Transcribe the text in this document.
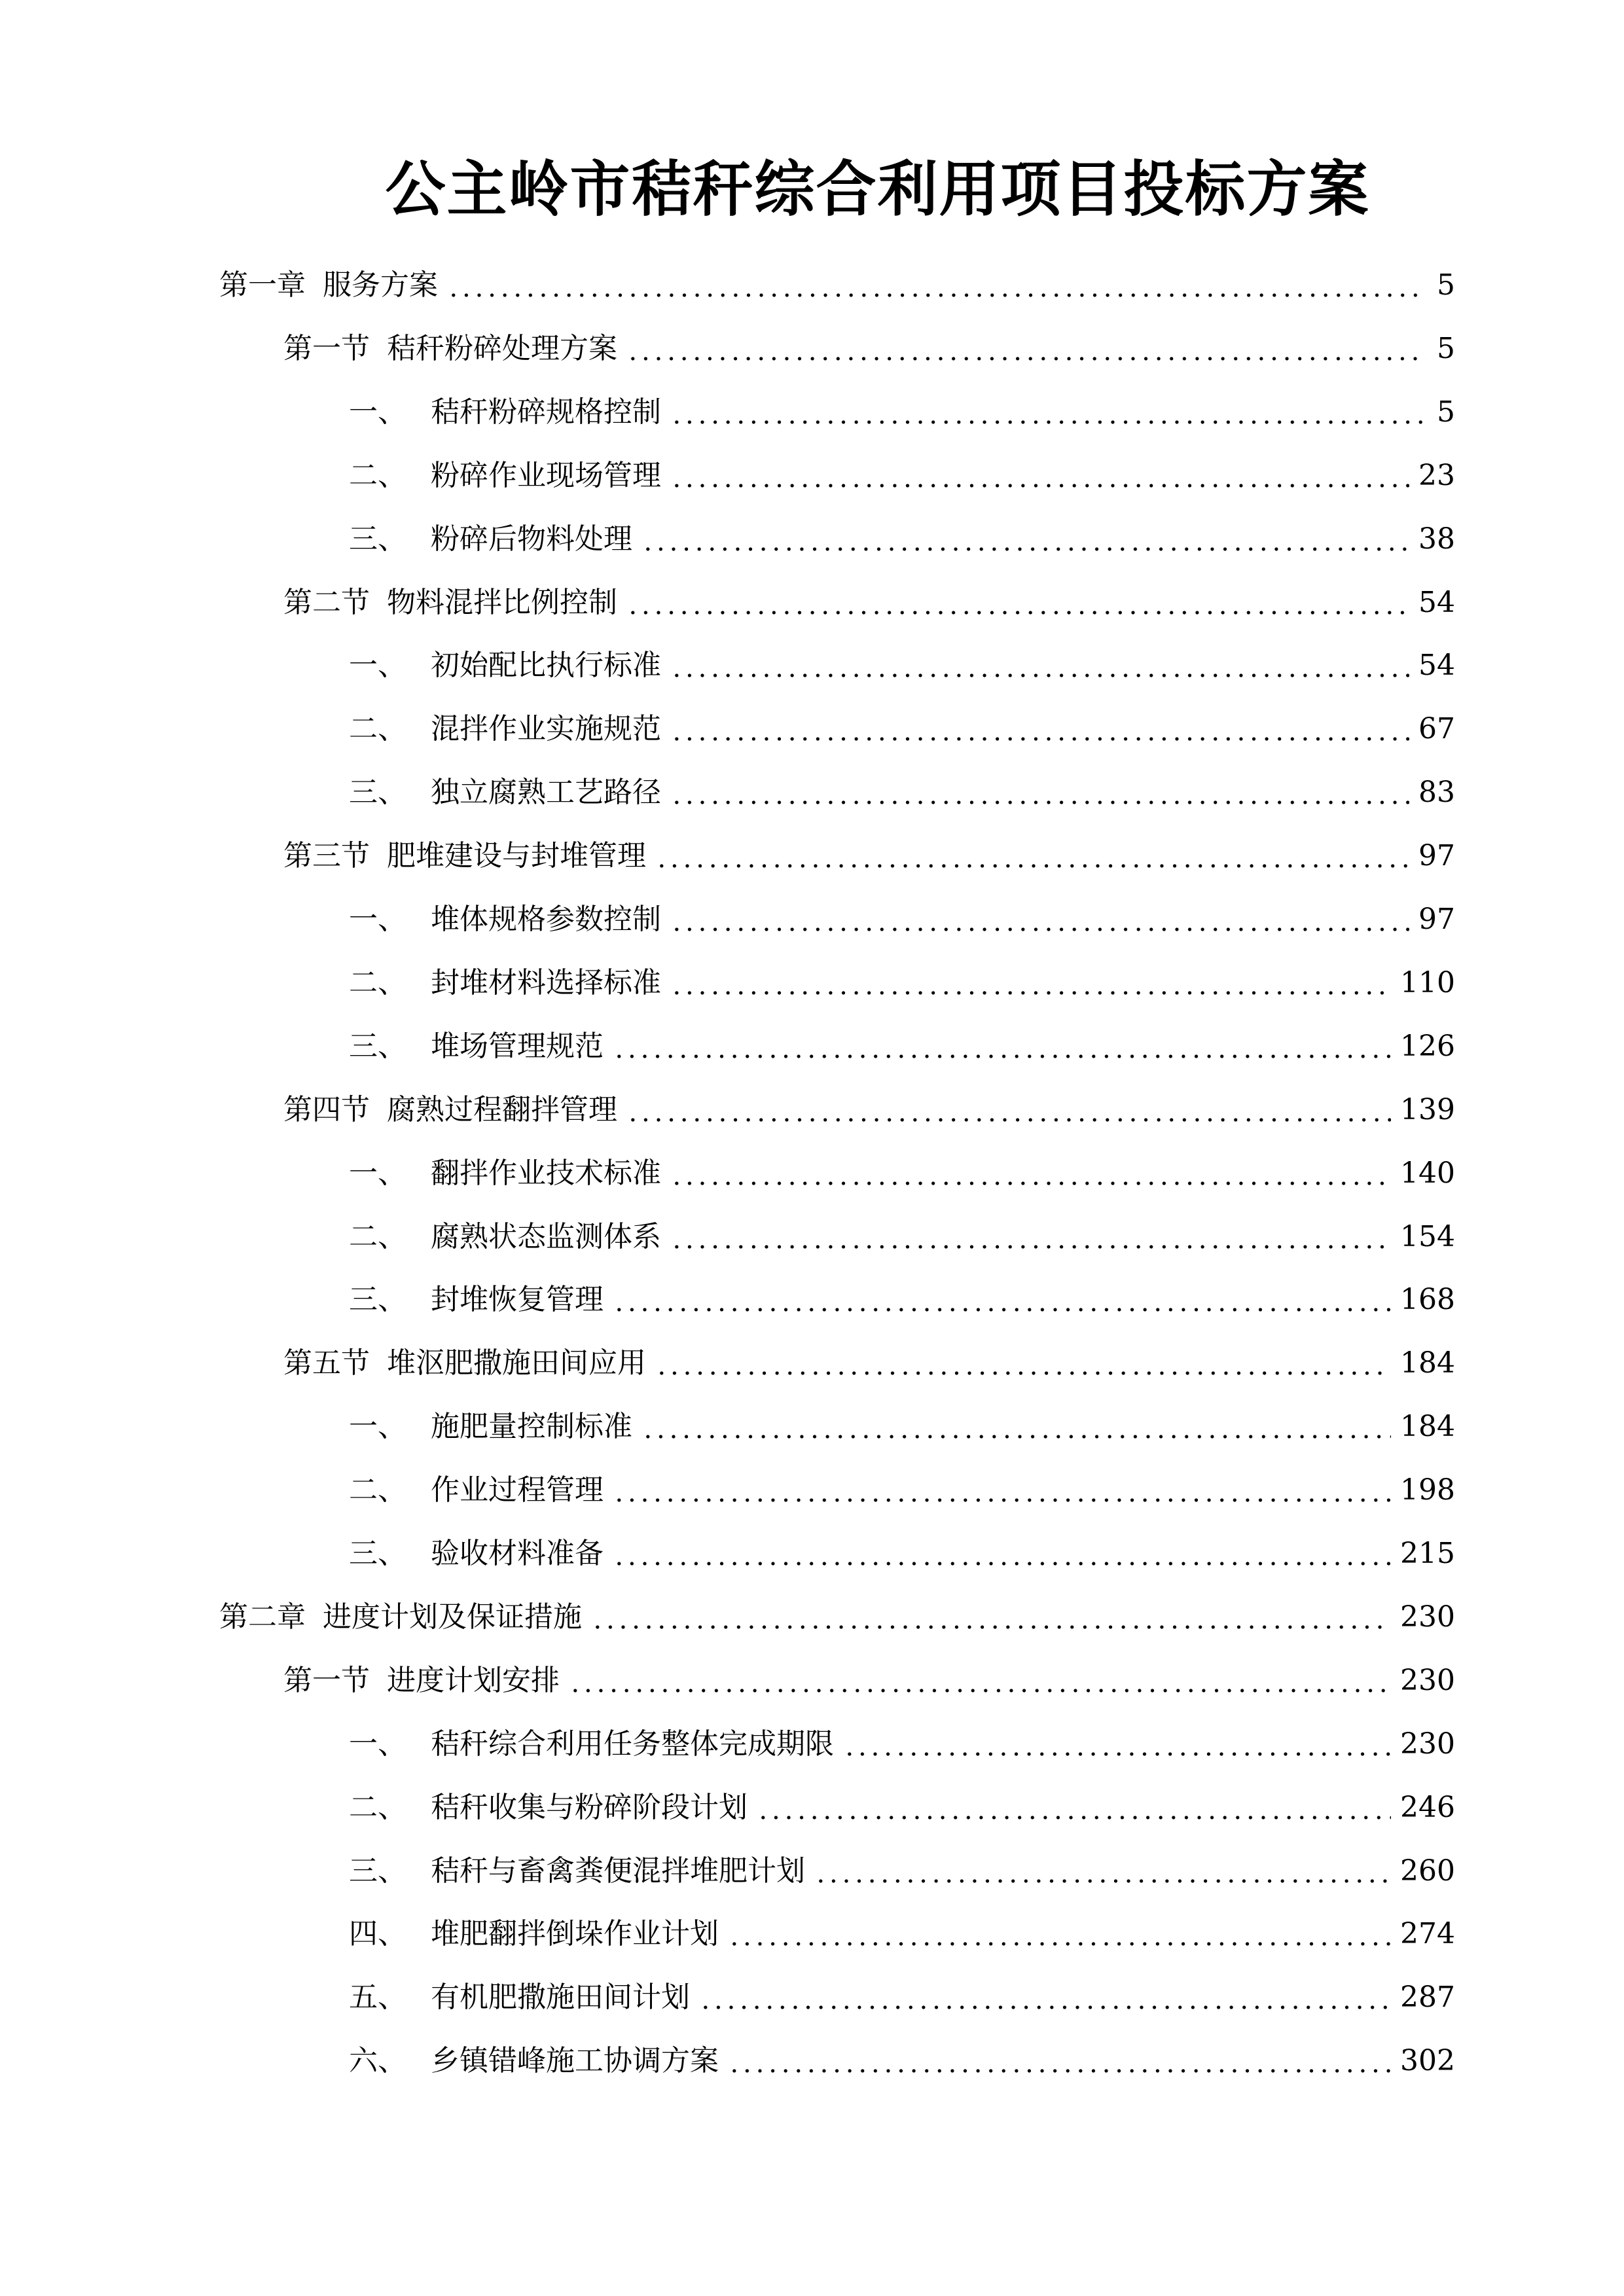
公主岭市秸秆综合利用项目投标方案
第一章 服务方案	5
第一节 秸秆粉碎处理方案	5
一、 秸秆粉碎规格控制	5
二、 粉碎作业现场管理	23
三、 粉碎后物料处理	38
第二节 物料混拌比例控制	54
一、 初始配比执行标准	54
二、 混拌作业实施规范	67
三、 独立腐熟工艺路径	83
第三节 肥堆建设与封堆管理	97
一、 堆体规格参数控制	97
二、 封堆材料选择标准	110
三、 堆场管理规范	126
第四节 腐熟过程翻拌管理	139
一、 翻拌作业技术标准	140
二、 腐熟状态监测体系	154
三、 封堆恢复管理	168
第五节 堆沤肥撒施田间应用	184
一、 施肥量控制标准	184
二、 作业过程管理	198
三、 验收材料准备	215
第二章 进度计划及保证措施	230
第一节 进度计划安排	230
一、 秸秆综合利用任务整体完成期限	230
二、 秸秆收集与粉碎阶段计划	246
三、 秸秆与畜禽粪便混拌堆肥计划	260
四、 堆肥翻拌倒垛作业计划	274
五、 有机肥撒施田间计划	287
六、 乡镇错峰施工协调方案	302
